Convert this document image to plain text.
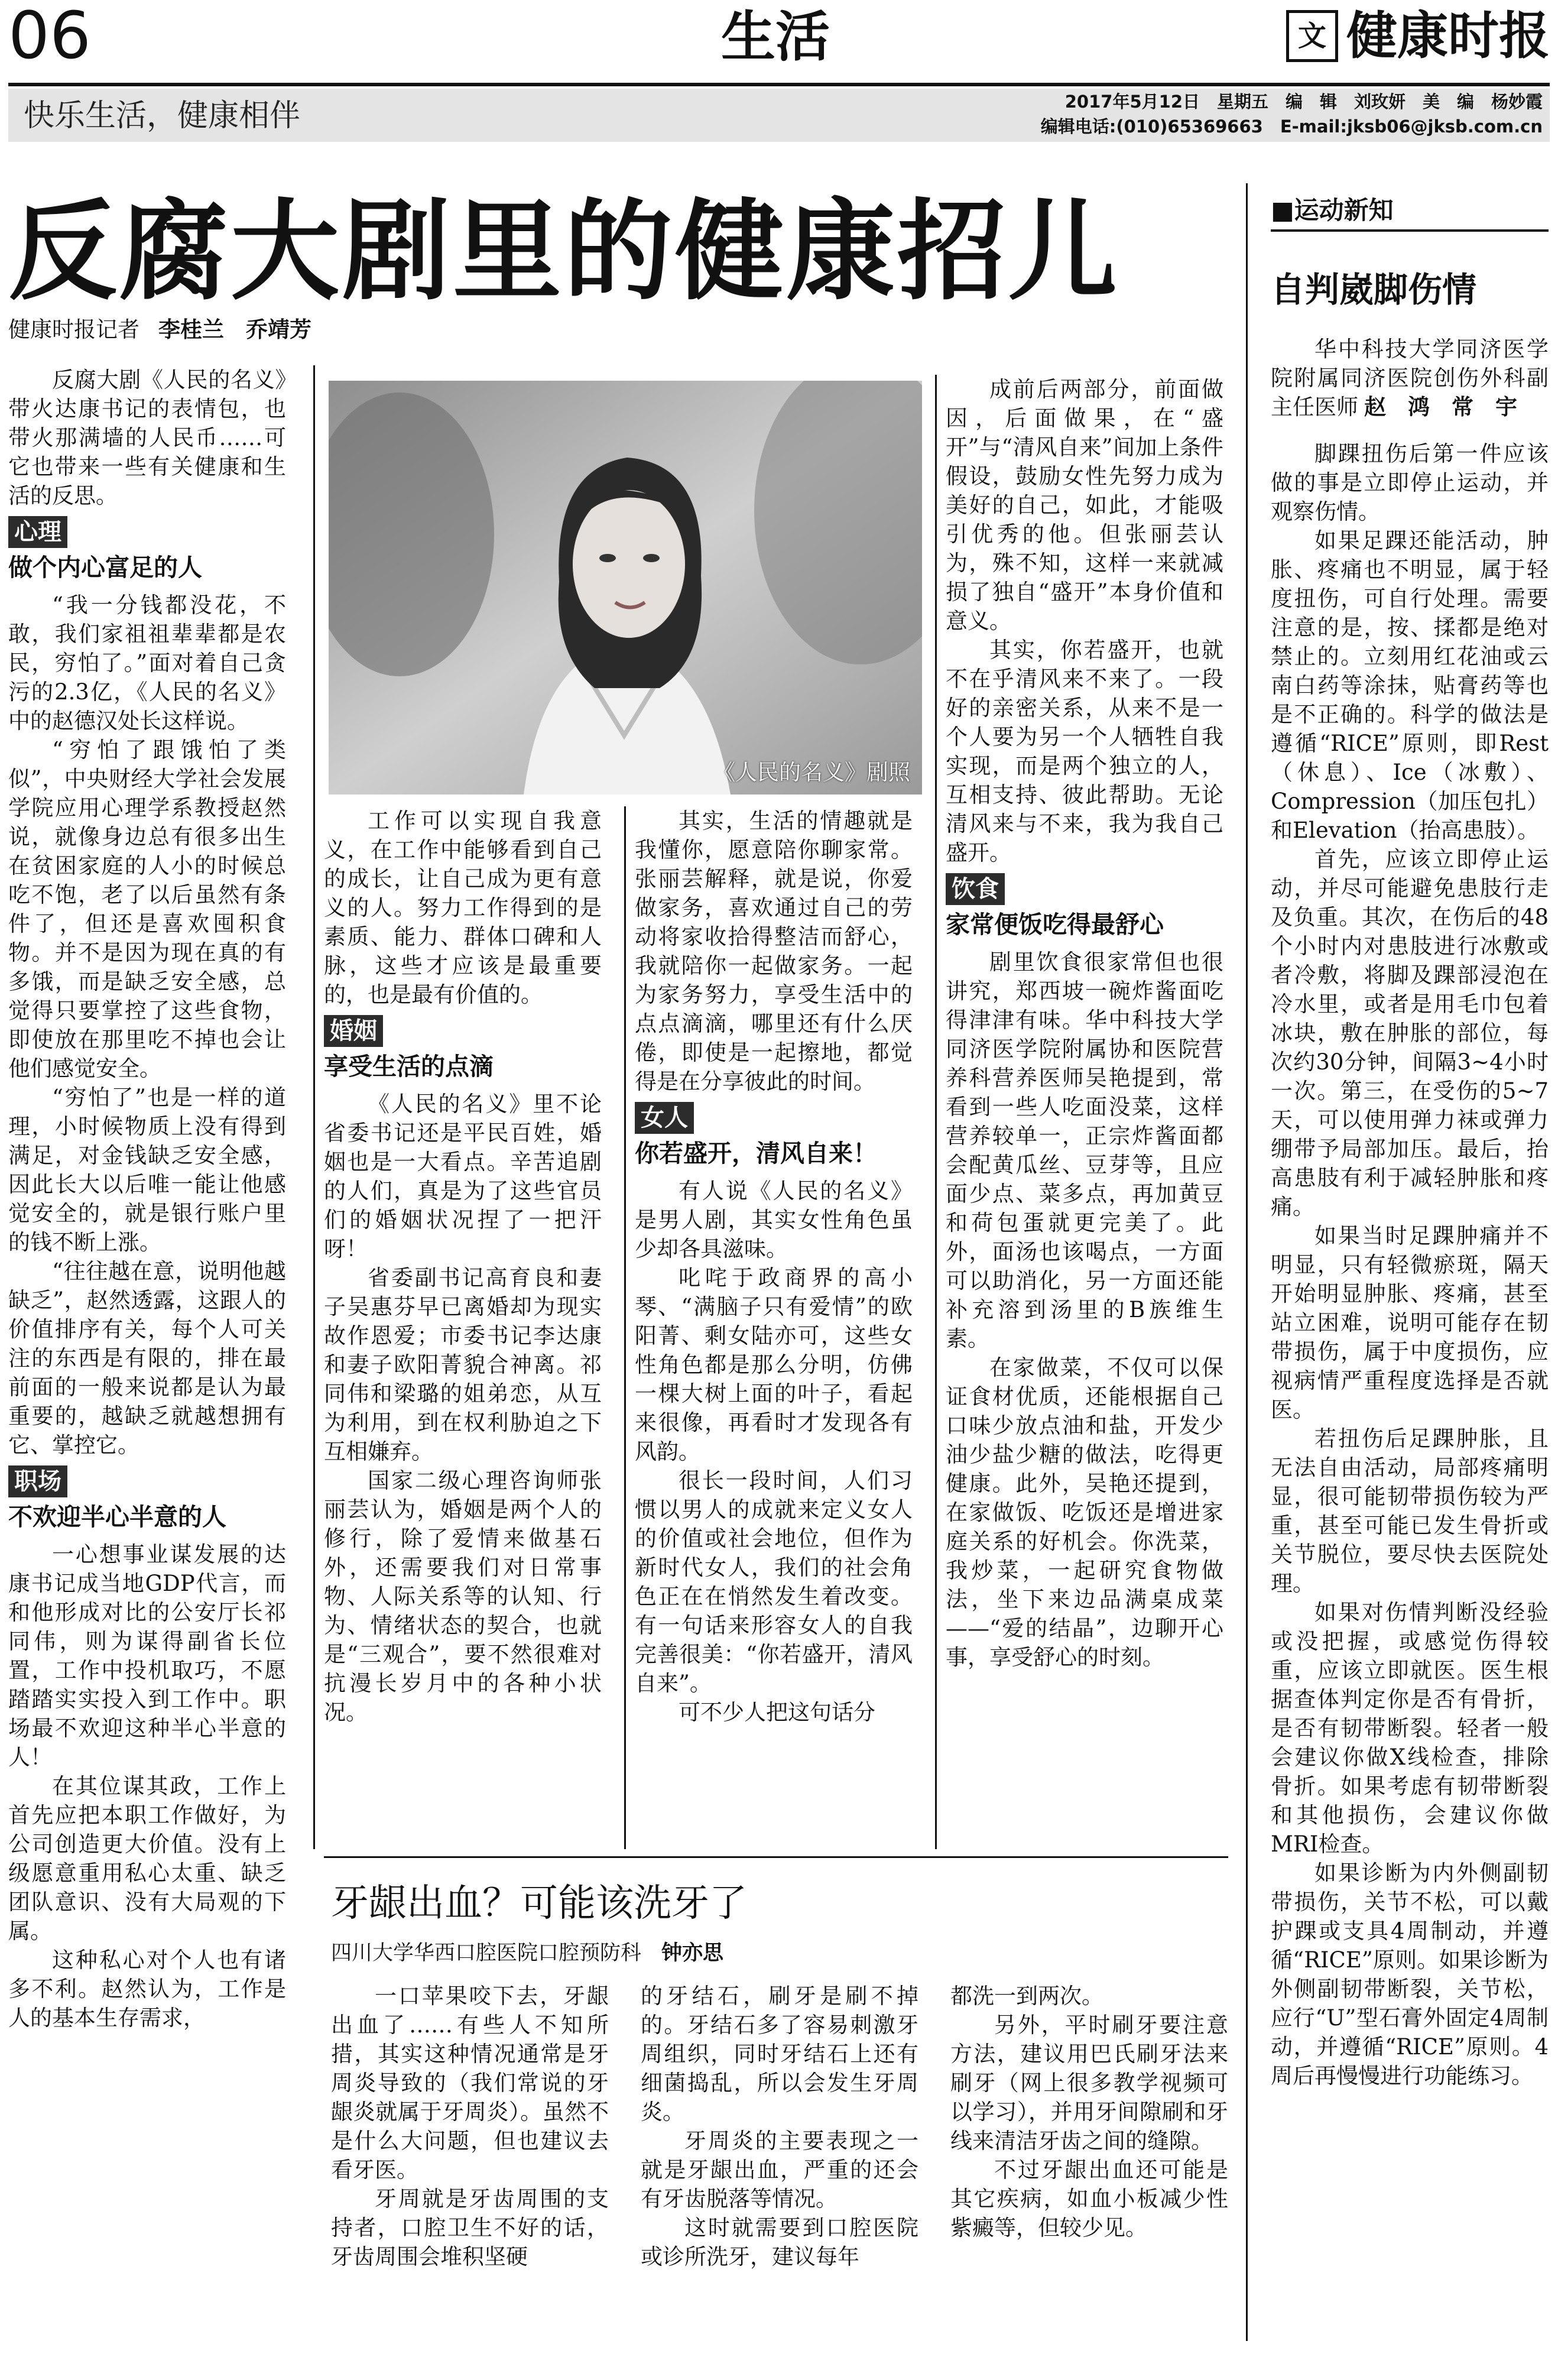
06	生活	文 健康时报
快乐生活，健康相伴	2017年5月12日　星期五　编　辑　刘玫妍　美　编　杨妙霞
编辑电话:(010)65369663　E-mail:jksb06@jksb.com.cn
反腐大剧里的健康招儿
健康时报记者 李桂兰　乔靖芳

反腐大剧《人民的名义》带火达康书记的表情包，也带火那满墙的人民币……可它也带来一些有关健康和生活的反思。

心理
做个内心富足的人

“我一分钱都没花，不敢，我们家祖祖辈辈都是农民，穷怕了。”面对着自己贪污的2.3亿，《人民的名义》中的赵德汉处长这样说。

“穷怕了跟饿怕了类似”，中央财经大学社会发展学院应用心理学系教授赵然说，就像身边总有很多出生在贫困家庭的人小的时候总吃不饱，老了以后虽然有条件了，但还是喜欢囤积食物。并不是因为现在真的有多饿，而是缺乏安全感，总觉得只要掌控了这些食物，即使放在那里吃不掉也会让他们感觉安全。

“穷怕了”也是一样的道理，小时候物质上没有得到满足，对金钱缺乏安全感，因此长大以后唯一能让他感觉安全的，就是银行账户里的钱不断上涨。

“往往越在意，说明他越缺乏”，赵然透露，这跟人的价值排序有关，每个人可关注的东西是有限的，排在最前面的一般来说都是认为最重要的，越缺乏就越想拥有它、掌控它。

职场
不欢迎半心半意的人

一心想事业谋发展的达康书记成当地GDP代言，而和他形成对比的公安厅长祁同伟，则为谋得副省长位置，工作中投机取巧，不愿踏踏实实投入到工作中。职场最不欢迎这种半心半意的人！

在其位谋其政，工作上首先应把本职工作做好，为公司创造更大价值。没有上级愿意重用私心太重、缺乏团队意识、没有大局观的下属。

这种私心对个人也有诸多不利。赵然认为，工作是人的基本生存需求，

《人民的名义》剧照

工作可以实现自我意义，在工作中能够看到自己的成长，让自己成为更有意义的人。努力工作得到的是素质、能力、群体口碑和人脉，这些才应该是最重要的，也是最有价值的。

婚姻
享受生活的点滴

《人民的名义》里不论省委书记还是平民百姓，婚姻也是一大看点。辛苦追剧的人们，真是为了这些官员们的婚姻状况捏了一把汗呀！

省委副书记高育良和妻子吴惠芬早已离婚却为现实故作恩爱；市委书记李达康和妻子欧阳菁貌合神离。祁同伟和梁璐的姐弟恋，从互为利用，到在权利胁迫之下互相嫌弃。

国家二级心理咨询师张丽芸认为，婚姻是两个人的修行，除了爱情来做基石外，还需要我们对日常事物、人际关系等的认知、行为、情绪状态的契合，也就是“三观合”，要不然很难对抗漫长岁月中的各种小状况。

其实，生活的情趣就是我懂你，愿意陪你聊家常。张丽芸解释，就是说，你爱做家务，喜欢通过自己的劳动将家收拾得整洁而舒心，我就陪你一起做家务。一起为家务努力，享受生活中的点点滴滴，哪里还有什么厌倦，即使是一起擦地，都觉得是在分享彼此的时间。

女人
你若盛开，清风自来！

有人说《人民的名义》是男人剧，其实女性角色虽少却各具滋味。

叱咤于政商界的高小琴、“满脑子只有爱情”的欧阳菁、剩女陆亦可，这些女性角色都是那么分明，仿佛一棵大树上面的叶子，看起来很像，再看时才发现各有风韵。

很长一段时间，人们习惯以男人的成就来定义女人的价值或社会地位，但作为新时代女人，我们的社会角色正在在悄然发生着改变。有一句话来形容女人的自我完善很美：“你若盛开，清风自来”。

可不少人把这句话分

成前后两部分，前面做因，后面做果，在“盛开”与“清风自来”间加上条件假设，鼓励女性先努力成为美好的自己，如此，才能吸引优秀的他。但张丽芸认为，殊不知，这样一来就减损了独自“盛开”本身价值和意义。

其实，你若盛开，也就不在乎清风来不来了。一段好的亲密关系，从来不是一个人要为另一个人牺牲自我实现，而是两个独立的人，互相支持、彼此帮助。无论清风来与不来，我为我自己盛开。

饮食
家常便饭吃得最舒心

剧里饮食很家常但也很讲究，郑西坡一碗炸酱面吃得津津有味。华中科技大学同济医学院附属协和医院营养科营养医师吴艳提到，常看到一些人吃面没菜，这样营养较单一，正宗炸酱面都会配黄瓜丝、豆芽等，且应面少点、菜多点，再加黄豆和荷包蛋就更完美了。此外，面汤也该喝点，一方面可以助消化，另一方面还能补充溶到汤里的B族维生素。

在家做菜，不仅可以保证食材优质，还能根据自己口味少放点油和盐，开发少油少盐少糖的做法，吃得更健康。此外，吴艳还提到，在家做饭、吃饭还是增进家庭关系的好机会。你洗菜，我炒菜，一起研究食物做法，坐下来边品满桌成菜——“爱的结晶”，边聊开心事，享受舒心的时刻。

牙龈出血？可能该洗牙了
四川大学华西口腔医院口腔预防科 钟亦思

一口苹果咬下去，牙龈出血了……有些人不知所措，其实这种情况通常是牙周炎导致的（我们常说的牙龈炎就属于牙周炎）。虽然不是什么大问题，但也建议去看牙医。

牙周就是牙齿周围的支持者，口腔卫生不好的话，牙齿周围会堆积坚硬

的牙结石，刷牙是刷不掉的。牙结石多了容易刺激牙周组织，同时牙结石上还有细菌捣乱，所以会发生牙周炎。

牙周炎的主要表现之一就是牙龈出血，严重的还会有牙齿脱落等情况。

这时就需要到口腔医院或诊所洗牙，建议每年

都洗一到两次。

另外，平时刷牙要注意方法，建议用巴氏刷牙法来刷牙（网上很多教学视频可以学习），并用牙间隙刷和牙线来清洁牙齿之间的缝隙。

不过牙龈出血还可能是其它疾病，如血小板减少性紫癜等，但较少见。

■运动新知
自判崴脚伤情

华中科技大学同济医学院附属同济医院创伤外科副主任医师 赵　鸿　常　宇

脚踝扭伤后第一件应该做的事是立即停止运动，并观察伤情。

如果足踝还能活动，肿胀、疼痛也不明显，属于轻度扭伤，可自行处理。需要注意的是，按、揉都是绝对禁止的。立刻用红花油或云南白药等涂抹，贴膏药等也是不正确的。科学的做法是遵循“RICE”原则，即Rest（休息）、Ice（冰敷）、Compression（加压包扎）和Elevation（抬高患肢）。

首先，应该立即停止运动，并尽可能避免患肢行走及负重。其次，在伤后的48个小时内对患肢进行冰敷或者冷敷，将脚及踝部浸泡在冷水里，或者是用毛巾包着冰块，敷在肿胀的部位，每次约30分钟，间隔3~4小时一次。第三，在受伤的5~7天，可以使用弹力袜或弹力绷带予局部加压。最后，抬高患肢有利于减轻肿胀和疼痛。

如果当时足踝肿痛并不明显，只有轻微瘀斑，隔天开始明显肿胀、疼痛，甚至站立困难，说明可能存在韧带损伤，属于中度损伤，应视病情严重程度选择是否就医。

若扭伤后足踝肿胀，且无法自由活动，局部疼痛明显，很可能韧带损伤较为严重，甚至可能已发生骨折或关节脱位，要尽快去医院处理。

如果对伤情判断没经验或没把握，或感觉伤得较重，应该立即就医。医生根据查体判定你是否有骨折，是否有韧带断裂。轻者一般会建议你做X线检查，排除骨折。如果考虑有韧带断裂和其他损伤，会建议你做MRI检查。

如果诊断为内外侧副韧带损伤，关节不松，可以戴护踝或支具4周制动，并遵循“RICE”原则。如果诊断为外侧副韧带断裂，关节松，应行“U”型石膏外固定4周制动，并遵循“RICE”原则。4周后再慢慢进行功能练习。
